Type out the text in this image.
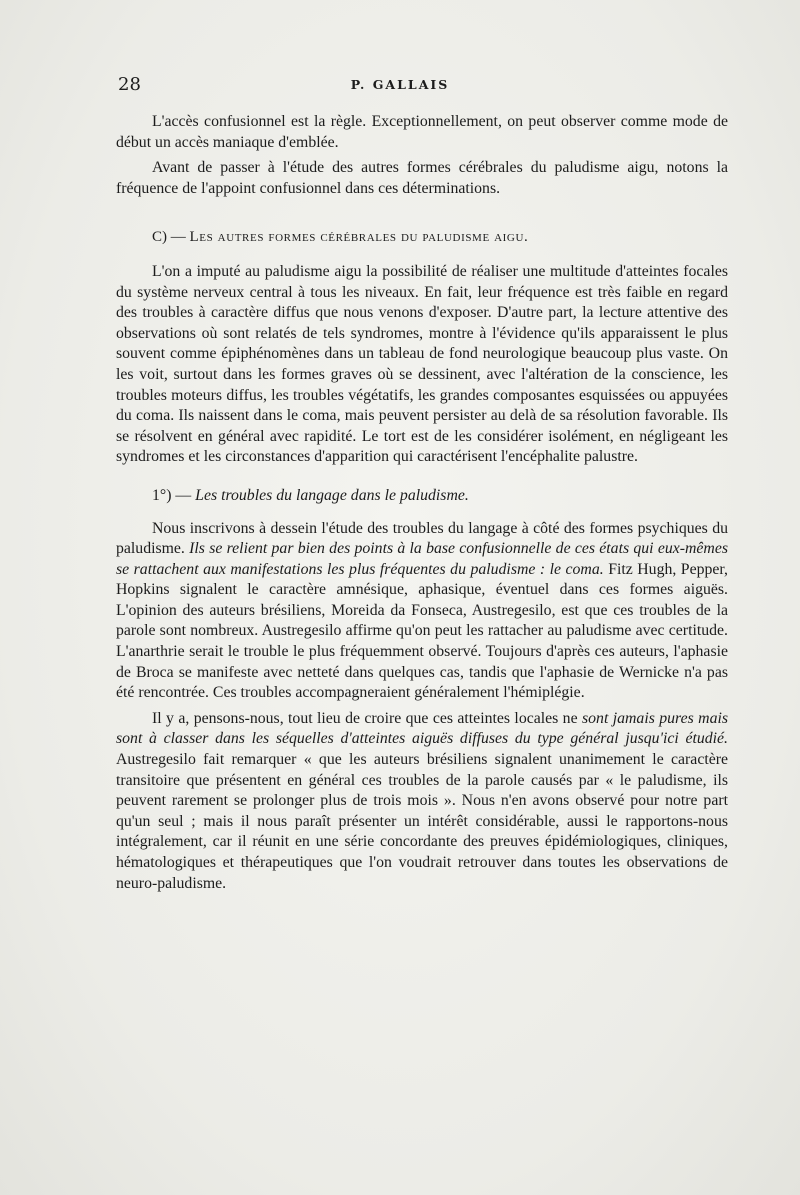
28	P. GALLAIS

L'accès confusionnel est la règle. Exceptionnellement, on peut observer comme mode de début un accès maniaque d'emblée.

Avant de passer à l'étude des autres formes cérébrales du paludisme aigu, notons la fréquence de l'appoint confusionnel dans ces déterminations.

C) — Les autres formes cérébrales du paludisme aigu.

L'on a imputé au paludisme aigu la possibilité de réaliser une multitude d'atteintes focales du système nerveux central à tous les niveaux. En fait, leur fréquence est très faible en regard des troubles à caractère diffus que nous venons d'exposer. D'autre part, la lecture attentive des observations où sont relatés de tels syndromes, montre à l'évidence qu'ils apparaissent le plus souvent comme épiphénomènes dans un tableau de fond neurologique beaucoup plus vaste. On les voit, surtout dans les formes graves où se dessinent, avec l'altération de la conscience, les troubles moteurs diffus, les troubles végétatifs, les grandes composantes esquissées ou appuyées du coma. Ils naissent dans le coma, mais peuvent persister au delà de sa résolution favorable. Ils se résolvent en général avec rapidité. Le tort est de les considérer isolément, en négligeant les syndromes et les circonstances d'apparition qui caractérisent l'encéphalite palustre.

1°) — Les troubles du langage dans le paludisme.

Nous inscrivons à dessein l'étude des troubles du langage à côté des formes psychiques du paludisme. Ils se relient par bien des points à la base confusionnelle de ces états qui eux-mêmes se rattachent aux manifestations les plus fréquentes du paludisme : le coma. Fitz Hugh, Pepper, Hopkins signalent le caractère amnésique, aphasique, éventuel dans ces formes aiguës. L'opinion des auteurs brésiliens, Moreida da Fonseca, Austregesilo, est que ces troubles de la parole sont nombreux. Austregesilo affirme qu'on peut les rattacher au paludisme avec certitude. L'anarthrie serait le trouble le plus fréquemment observé. Toujours d'après ces auteurs, l'aphasie de Broca se manifeste avec netteté dans quelques cas, tandis que l'aphasie de Wernicke n'a pas été rencontrée. Ces troubles accompagneraient généralement l'hémiplégie.

Il y a, pensons-nous, tout lieu de croire que ces atteintes locales ne sont jamais pures mais sont à classer dans les séquelles d'atteintes aiguës diffuses du type général jusqu'ici étudié. Austregesilo fait remarquer « que les auteurs brésiliens signalent unanimement le caractère transitoire que présentent en général ces troubles de la parole causés par « le paludisme, ils peuvent rarement se prolonger plus de trois mois ». Nous n'en avons observé pour notre part qu'un seul ; mais il nous paraît présenter un intérêt considérable, aussi le rapportons-nous intégralement, car il réunit en une série concordante des preuves épidémiologiques, cliniques, hématologiques et thérapeutiques que l'on voudrait retrouver dans toutes les observations de neuro-paludisme.
